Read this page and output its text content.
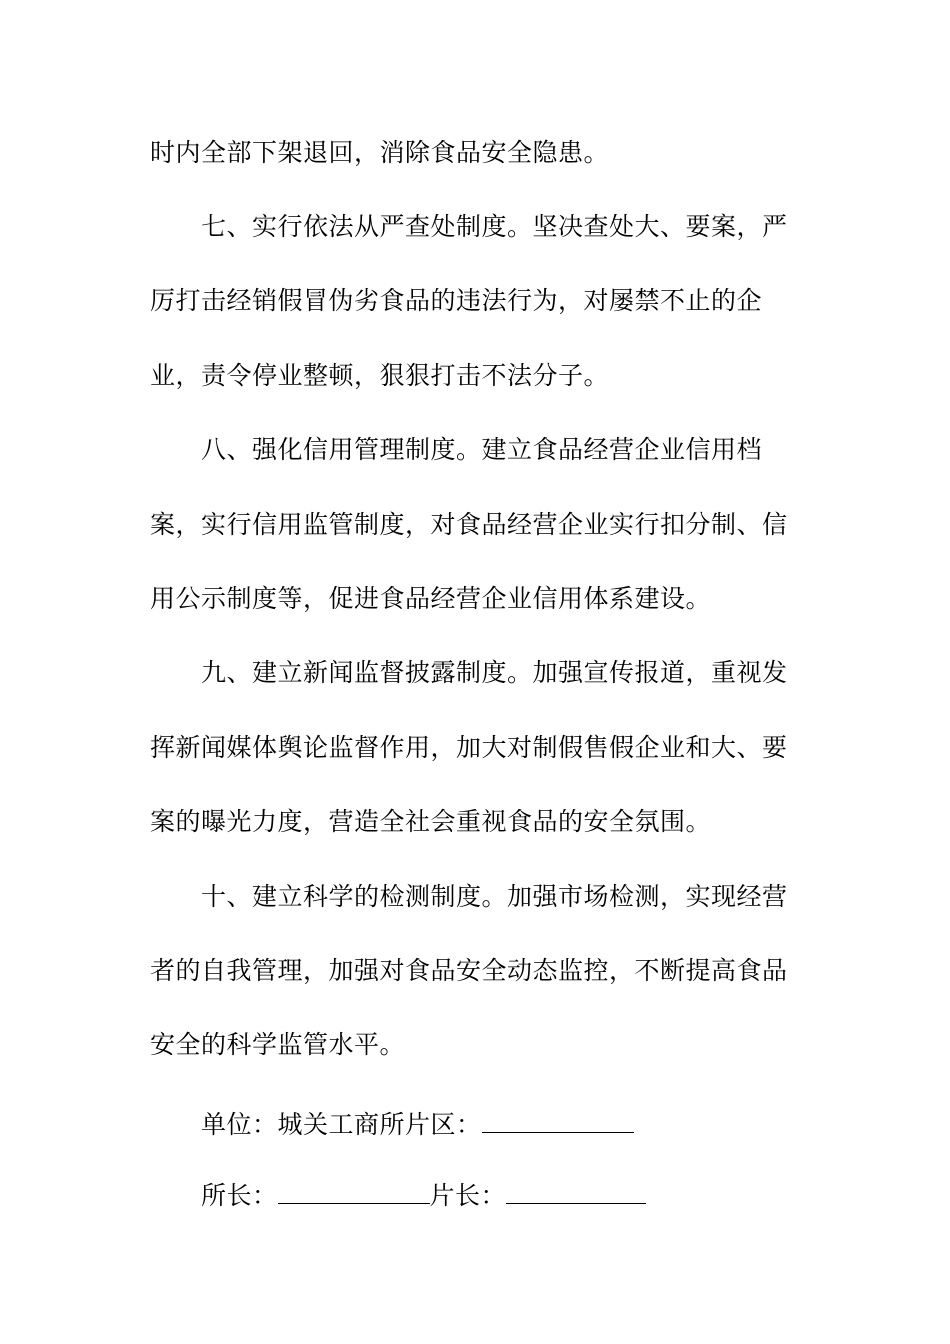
时内全部下架退回，消除食品安全隐患。
七、实行依法从严查处制度。坚决查处大、要案，严
厉打击经销假冒伪劣食品的违法行为，对屡禁不止的企
业，责令停业整顿，狠狠打击不法分子。
八、强化信用管理制度。建立食品经营企业信用档
案，实行信用监管制度，对食品经营企业实行扣分制、信
用公示制度等，促进食品经营企业信用体系建设。
九、建立新闻监督披露制度。加强宣传报道，重视发
挥新闻媒体舆论监督作用，加大对制假售假企业和大、要
案的曝光力度，营造全社会重视食品的安全氛围。
十、建立科学的检测制度。加强市场检测，实现经营
者的自我管理，加强对食品安全动态监控，不断提高食品
安全的科学监管水平。
单位：城关工商所片区：
所长：	片长：
